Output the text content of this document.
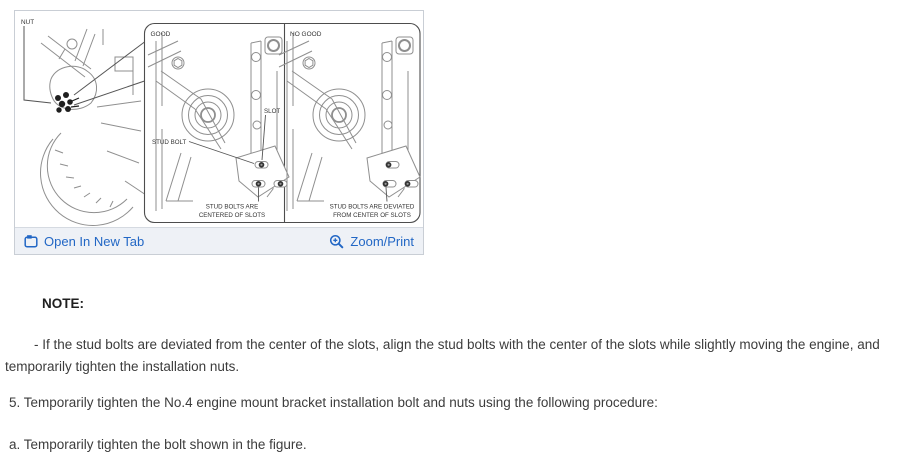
NUT
GOOD	NO GOOD
SLOT
STUD BOLT
STUD BOLTS ARE
CENTERED OF SLOTS
STUD BOLTS ARE DEVIATED
FROM CENTER OF SLOTS
Open In New Tab	Zoom/Print
NOTE:
- If the stud bolts are deviated from the center of the slots, align the stud bolts with the center of the slots while slightly moving the engine, and temporarily tighten the installation nuts.
5. Temporarily tighten the No.4 engine mount bracket installation bolt and nuts using the following procedure:
a. Temporarily tighten the bolt shown in the figure.
